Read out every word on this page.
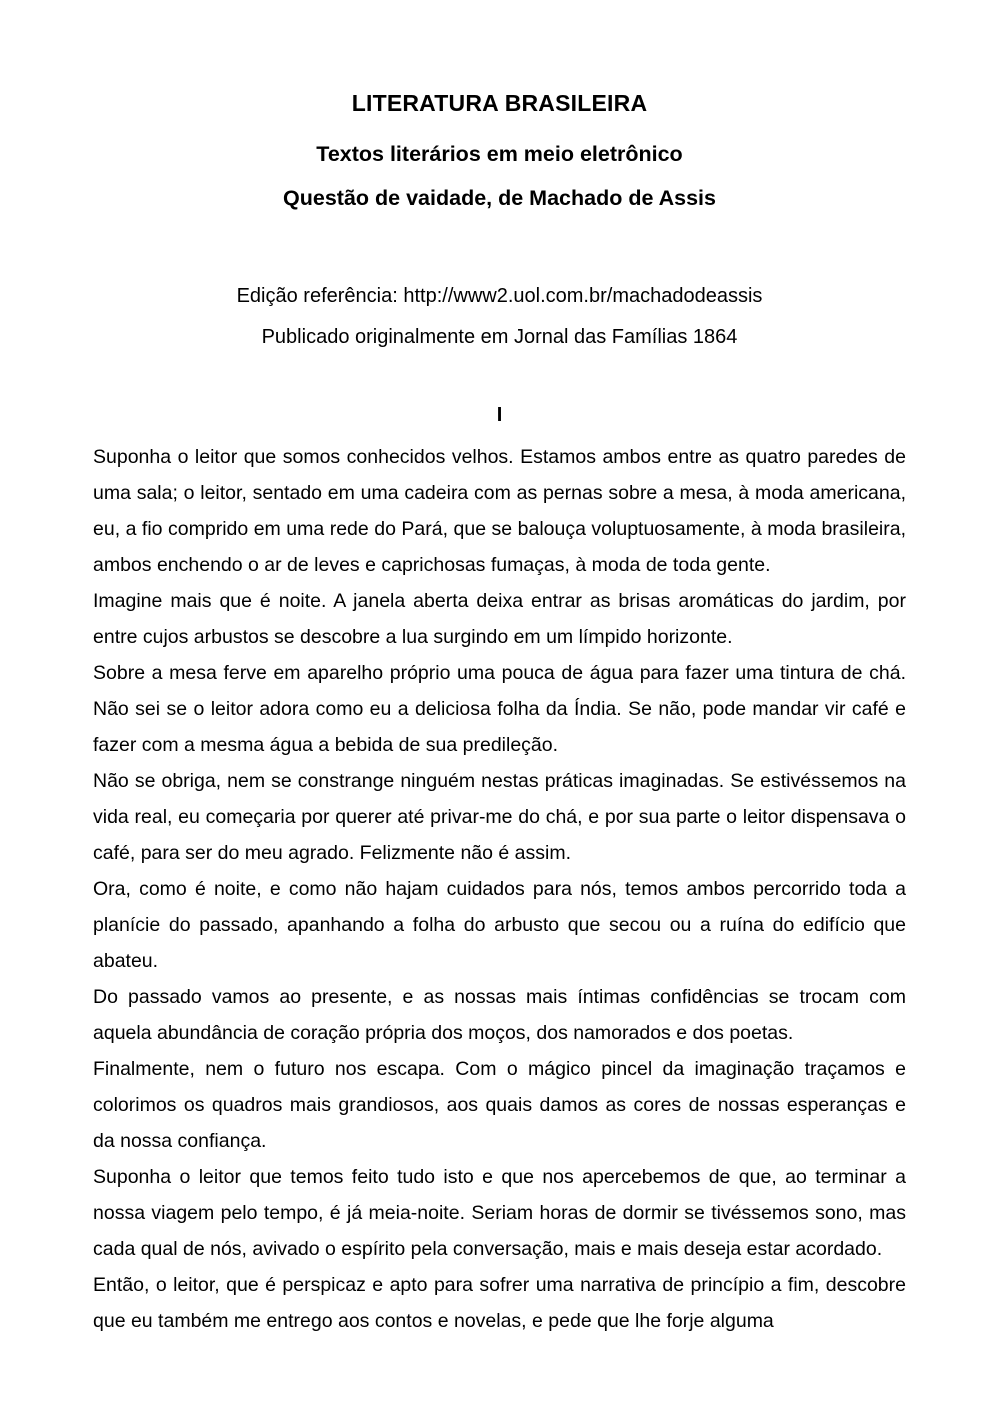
LITERATURA BRASILEIRA
Textos literários em meio eletrônico
Questão de vaidade, de Machado de Assis

Edição referência: http://www2.uol.com.br/machadodeassis

Publicado originalmente em Jornal das Famílias 1864

I

Suponha o leitor que somos conhecidos velhos. Estamos ambos entre as quatro paredes de uma sala; o leitor, sentado em uma cadeira com as pernas sobre a mesa, à moda americana, eu, a fio comprido em uma rede do Pará, que se balouça voluptuosamente, à moda brasileira, ambos enchendo o ar de leves e caprichosas fumaças, à moda de toda gente.

Imagine mais que é noite. A janela aberta deixa entrar as brisas aromáticas do jardim, por entre cujos arbustos se descobre a lua surgindo em um límpido horizonte.

Sobre a mesa ferve em aparelho próprio uma pouca de água para fazer uma tintura de chá. Não sei se o leitor adora como eu a deliciosa folha da Índia. Se não, pode mandar vir café e fazer com a mesma água a bebida de sua predileção.

Não se obriga, nem se constrange ninguém nestas práticas imaginadas. Se estivéssemos na vida real, eu começaria por querer até privar-me do chá, e por sua parte o leitor dispensava o café, para ser do meu agrado. Felizmente não é assim.

Ora, como é noite, e como não hajam cuidados para nós, temos ambos percorrido toda a planície do passado, apanhando a folha do arbusto que secou ou a ruína do edifício que abateu.

Do passado vamos ao presente, e as nossas mais íntimas confidências se trocam com aquela abundância de coração própria dos moços, dos namorados e dos poetas.

Finalmente, nem o futuro nos escapa. Com o mágico pincel da imaginação traçamos e colorimos os quadros mais grandiosos, aos quais damos as cores de nossas esperanças e da nossa confiança.

Suponha o leitor que temos feito tudo isto e que nos apercebemos de que, ao terminar a nossa viagem pelo tempo, é já meia-noite. Seriam horas de dormir se tivéssemos sono, mas cada qual de nós, avivado o espírito pela conversação, mais e mais deseja estar acordado.

Então, o leitor, que é perspicaz e apto para sofrer uma narrativa de princípio a fim, descobre que eu também me entrego aos contos e novelas, e pede que lhe forje alguma
